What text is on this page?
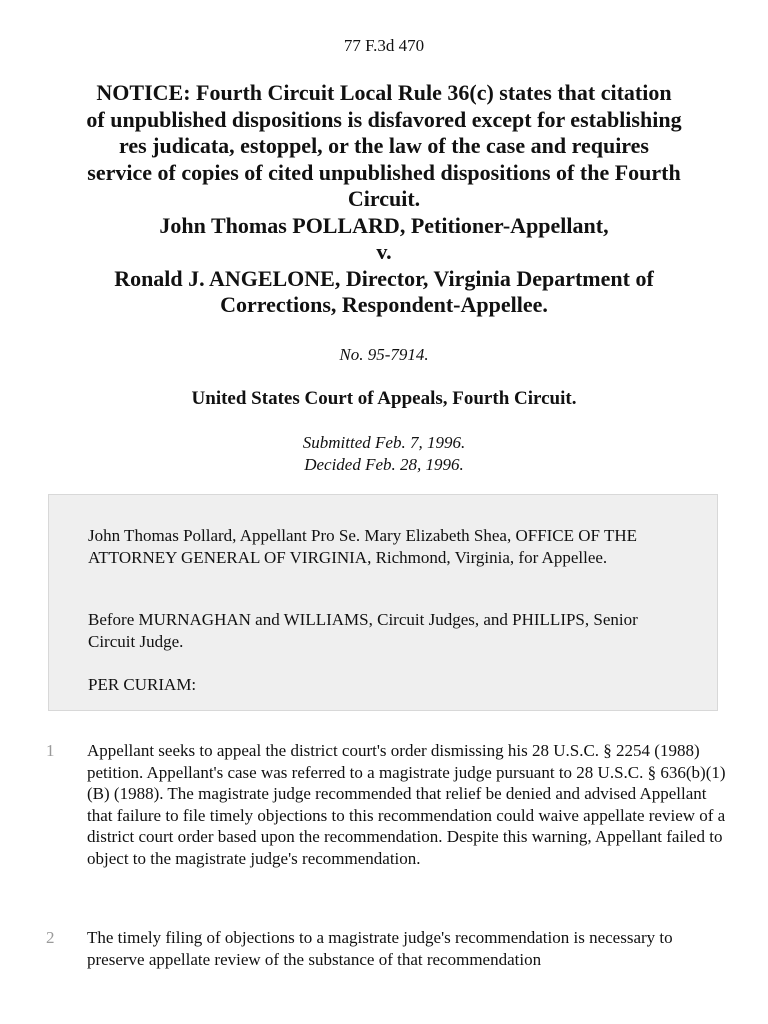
77 F.3d 470
NOTICE: Fourth Circuit Local Rule 36(c) states that citation
of unpublished dispositions is disfavored except for establishing
res judicata, estoppel, or the law of the case and requires
service of copies of cited unpublished dispositions of the Fourth
Circuit.
John Thomas POLLARD, Petitioner-Appellant,
v.
Ronald J. ANGELONE, Director, Virginia Department of
Corrections, Respondent-Appellee.
No. 95-7914.
United States Court of Appeals, Fourth Circuit.
Submitted Feb. 7, 1996.
Decided Feb. 28, 1996.

John Thomas Pollard, Appellant Pro Se. Mary Elizabeth Shea, OFFICE OF THE ATTORNEY GENERAL OF VIRGINIA, Richmond, Virginia, for Appellee.

Before MURNAGHAN and WILLIAMS, Circuit Judges, and PHILLIPS, Senior Circuit Judge.

PER CURIAM:

1 Appellant seeks to appeal the district court's order dismissing his 28 U.S.C. § 2254 (1988) petition. Appellant's case was referred to a magistrate judge pursuant to 28 U.S.C. § 636(b)(1)(B) (1988). The magistrate judge recommended that relief be denied and advised Appellant that failure to file timely objections to this recommendation could waive appellate review of a district court order based upon the recommendation. Despite this warning, Appellant failed to object to the magistrate judge's recommendation.
2 The timely filing of objections to a magistrate judge's recommendation is necessary to preserve appellate review of the substance of that recommendation
